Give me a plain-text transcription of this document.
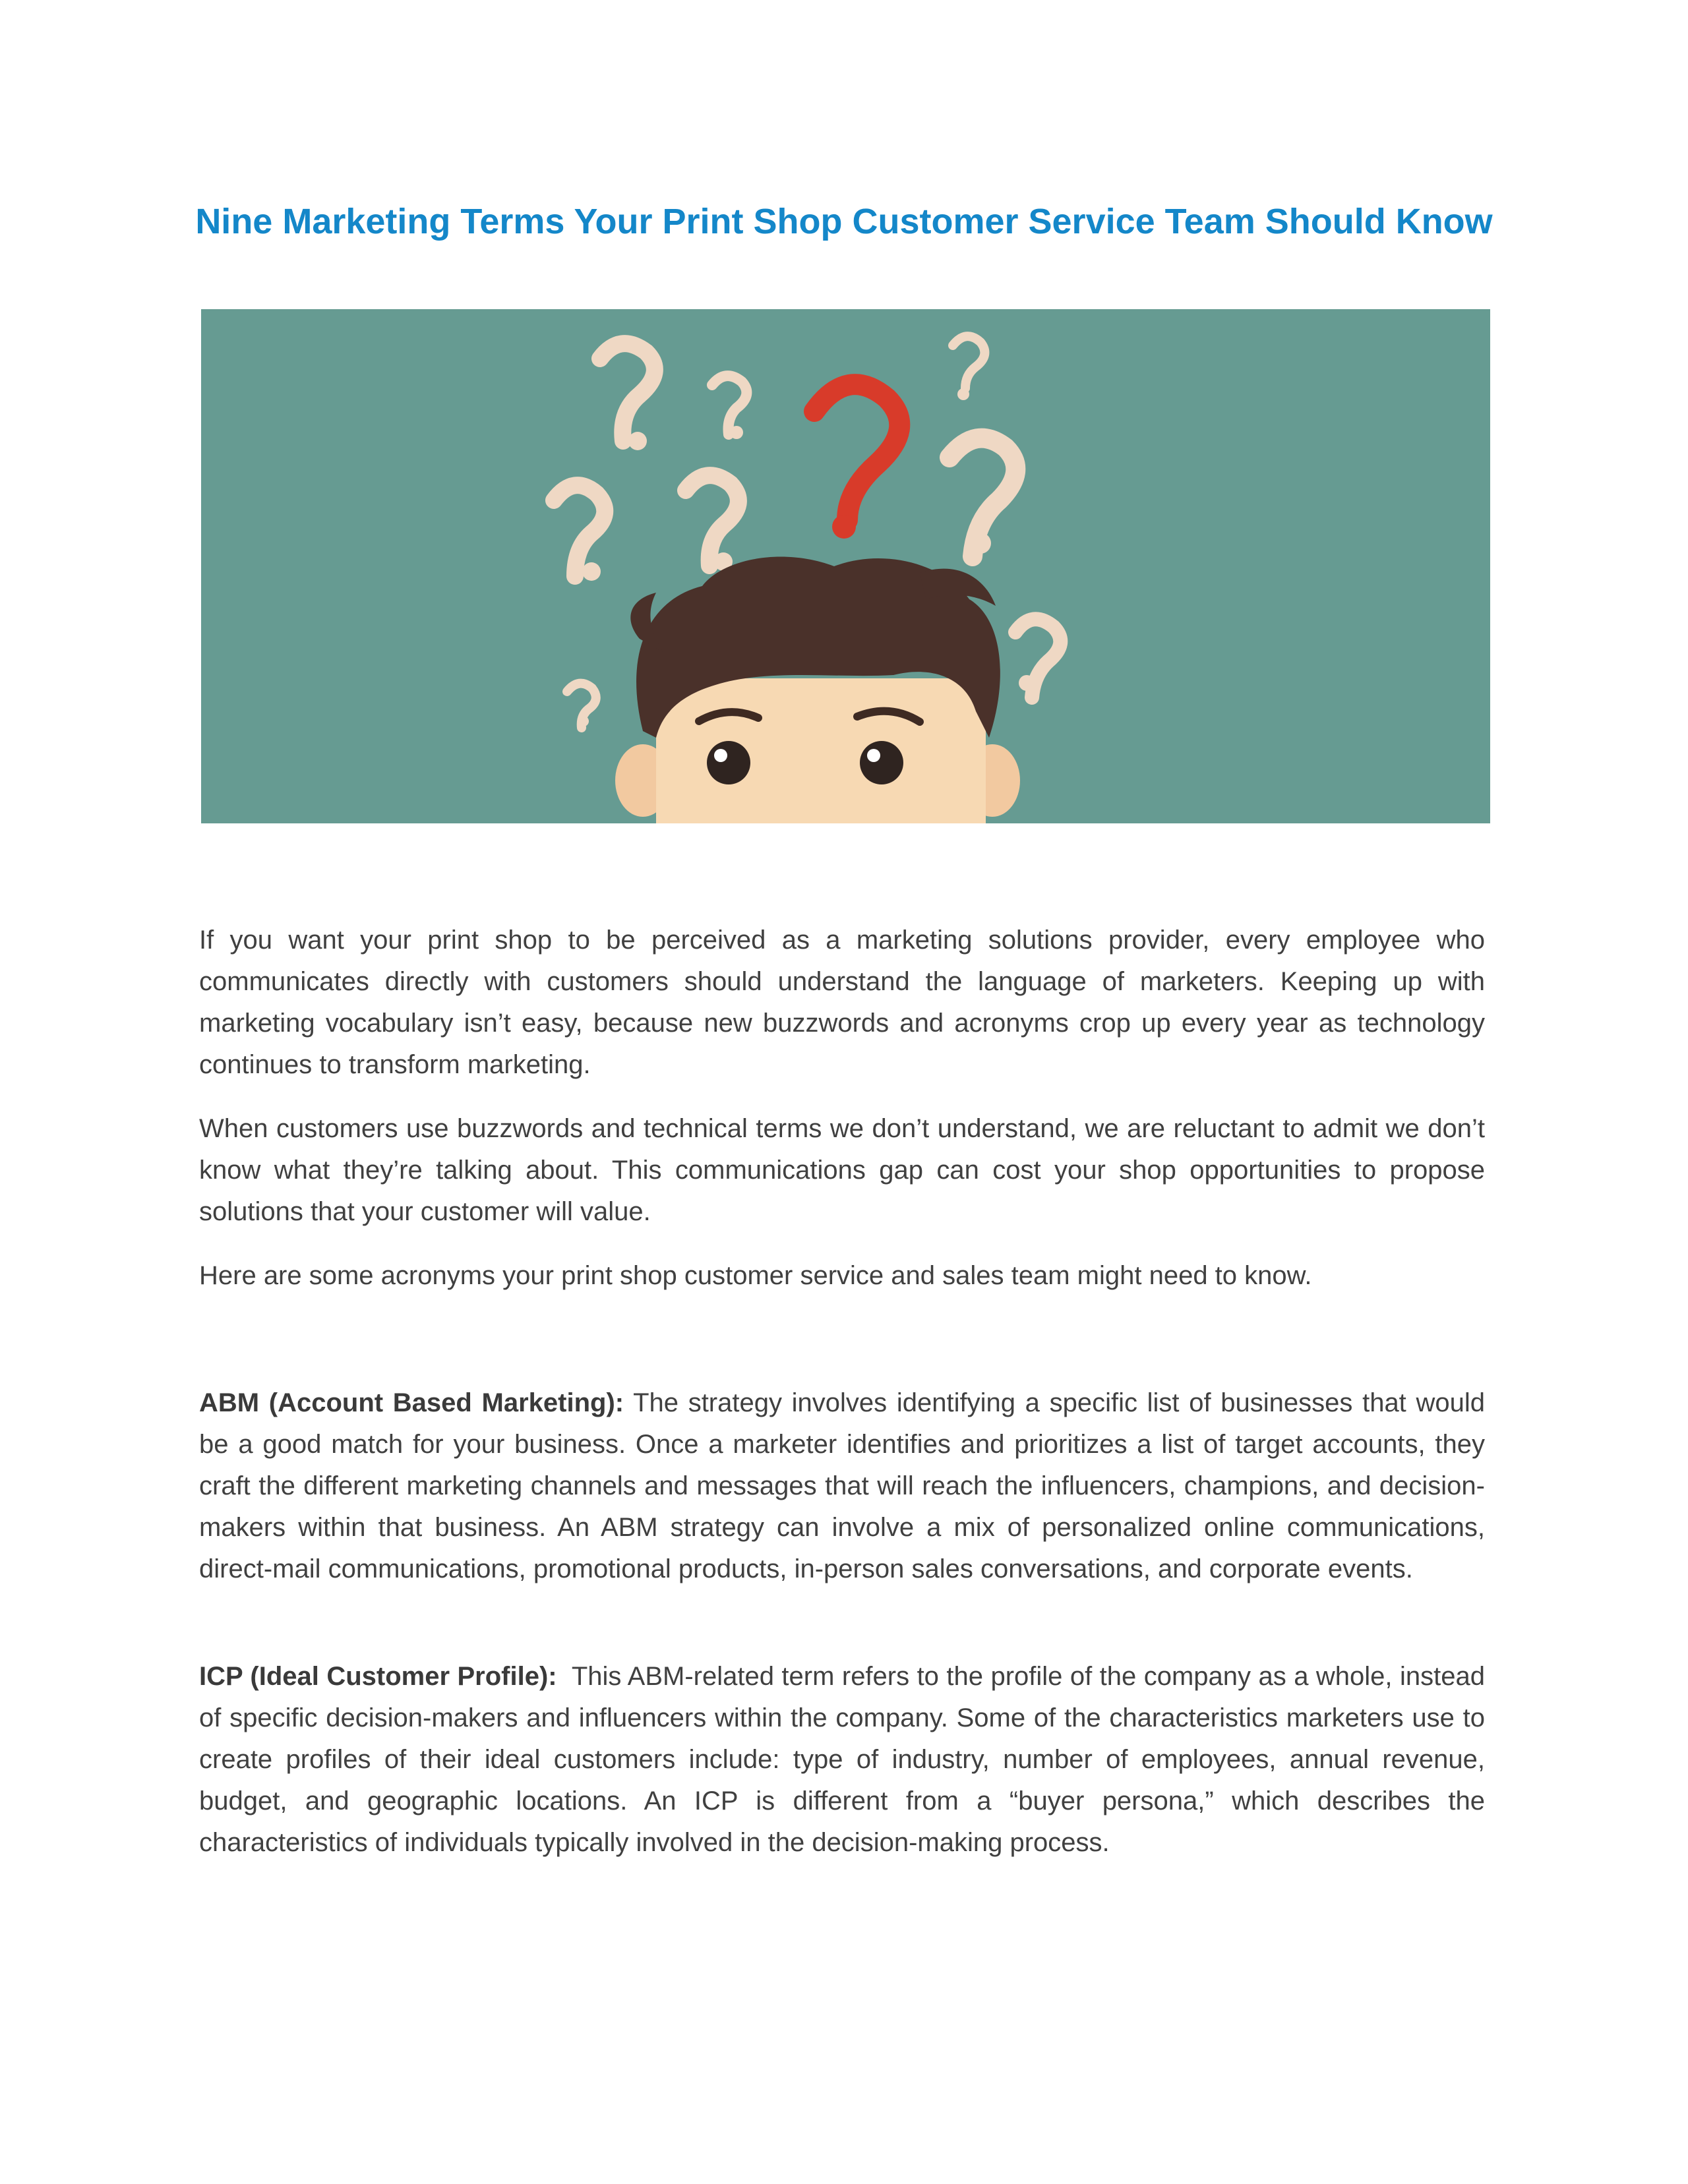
Nine Marketing Terms Your Print Shop Customer Service Team Should Know

If you want your print shop to be perceived as a marketing solutions provider, every employee who communicates directly with customers should understand the language of marketers. Keeping up with marketing vocabulary isn’t easy, because new buzzwords and acronyms crop up every year as technology continues to transform marketing.

When customers use buzzwords and technical terms we don’t understand, we are reluctant to admit we don’t know what they’re talking about. This communications gap can cost your shop opportunities to propose solutions that your customer will value.

Here are some acronyms your print shop customer service and sales team might need to know.

ABM (Account Based Marketing): The strategy involves identifying a specific list of businesses that would be a good match for your business. Once a marketer identifies and prioritizes a list of target accounts, they craft the different marketing channels and messages that will reach the influencers, champions, and decision-makers within that business. An ABM strategy can involve a mix of personalized online communications, direct-mail communications, promotional products, in-person sales conversations, and corporate events.

ICP (Ideal Customer Profile): This ABM-related term refers to the profile of the company as a whole, instead of specific decision-makers and influencers within the company. Some of the characteristics marketers use to create profiles of their ideal customers include: type of industry, number of employees, annual revenue, budget, and geographic locations. An ICP is different from a “buyer persona,” which describes the characteristics of individuals typically involved in the decision-making process.
